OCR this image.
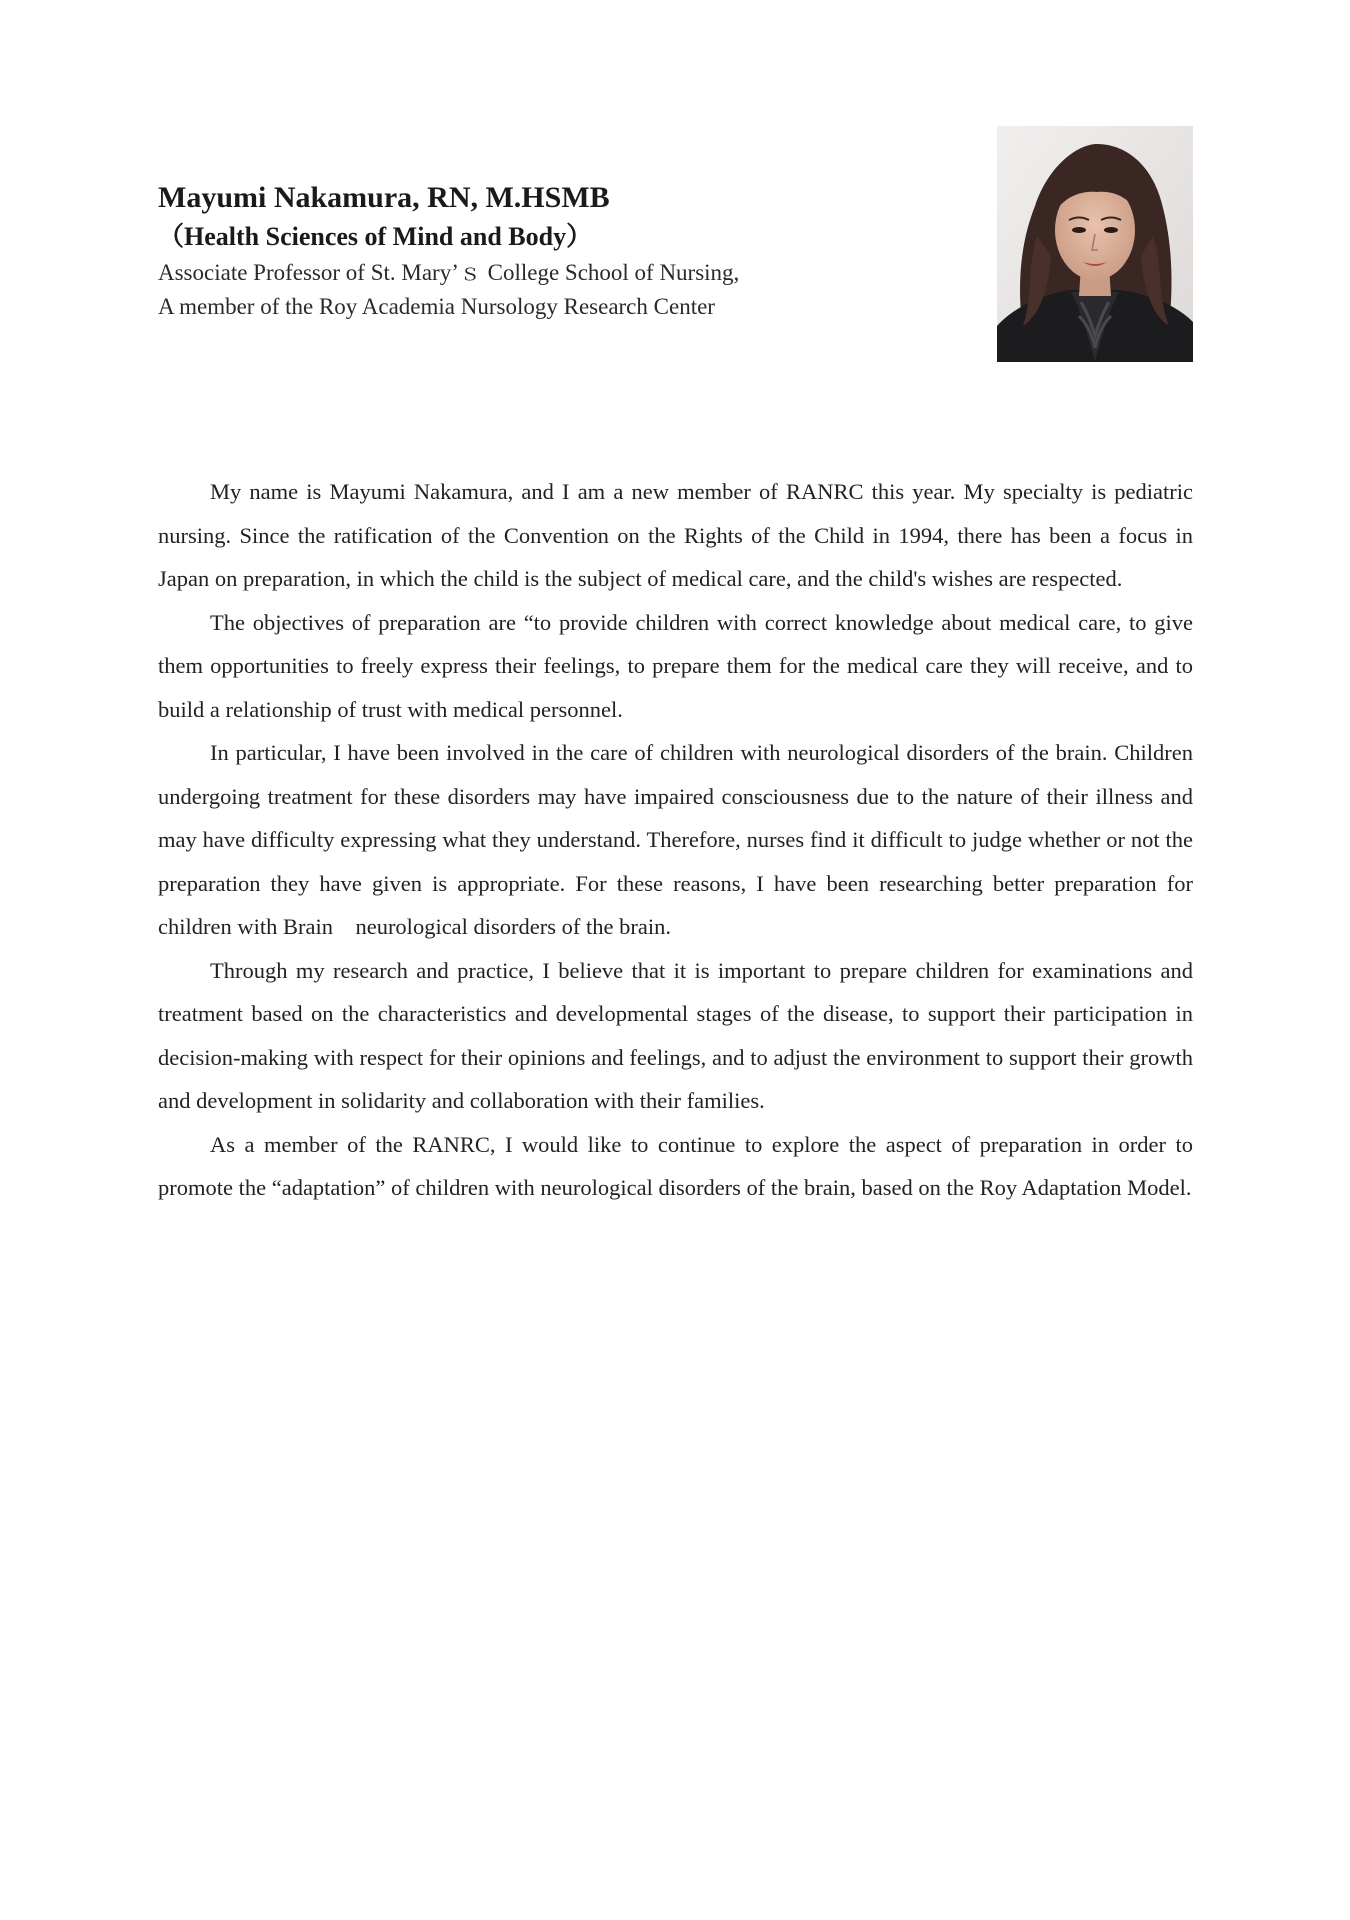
Mayumi Nakamura, RN, M.HSMB

（Health Sciences of Mind and Body）

Associate Professor of St. Mary’ｓ College School of Nursing,

A member of the Roy Academia Nursology Research Center

My name is Mayumi Nakamura, and I am a new member of RANRC this year. My specialty is pediatric nursing. Since the ratification of the Convention on the Rights of the Child in 1994, there has been a focus in Japan on preparation, in which the child is the subject of medical care, and the child's wishes are respected.

The objectives of preparation are “to provide children with correct knowledge about medical care, to give them opportunities to freely express their feelings, to prepare them for the medical care they will receive, and to build a relationship of trust with medical personnel.

In particular, I have been involved in the care of children with neurological disorders of the brain. Children undergoing treatment for these disorders may have impaired consciousness due to the nature of their illness and may have difficulty expressing what they understand. Therefore, nurses find it difficult to judge whether or not the preparation they have given is appropriate. For these reasons, I have been researching better preparation for children with Brain　neurological disorders of the brain.

Through my research and practice, I believe that it is important to prepare children for examinations and treatment based on the characteristics and developmental stages of the disease, to support their participation in decision-making with respect for their opinions and feelings, and to adjust the environment to support their growth and development in solidarity and collaboration with their families.

As a member of the RANRC, I would like to continue to explore the aspect of preparation in order to promote the “adaptation” of children with neurological disorders of the brain, based on the Roy Adaptation Model.
